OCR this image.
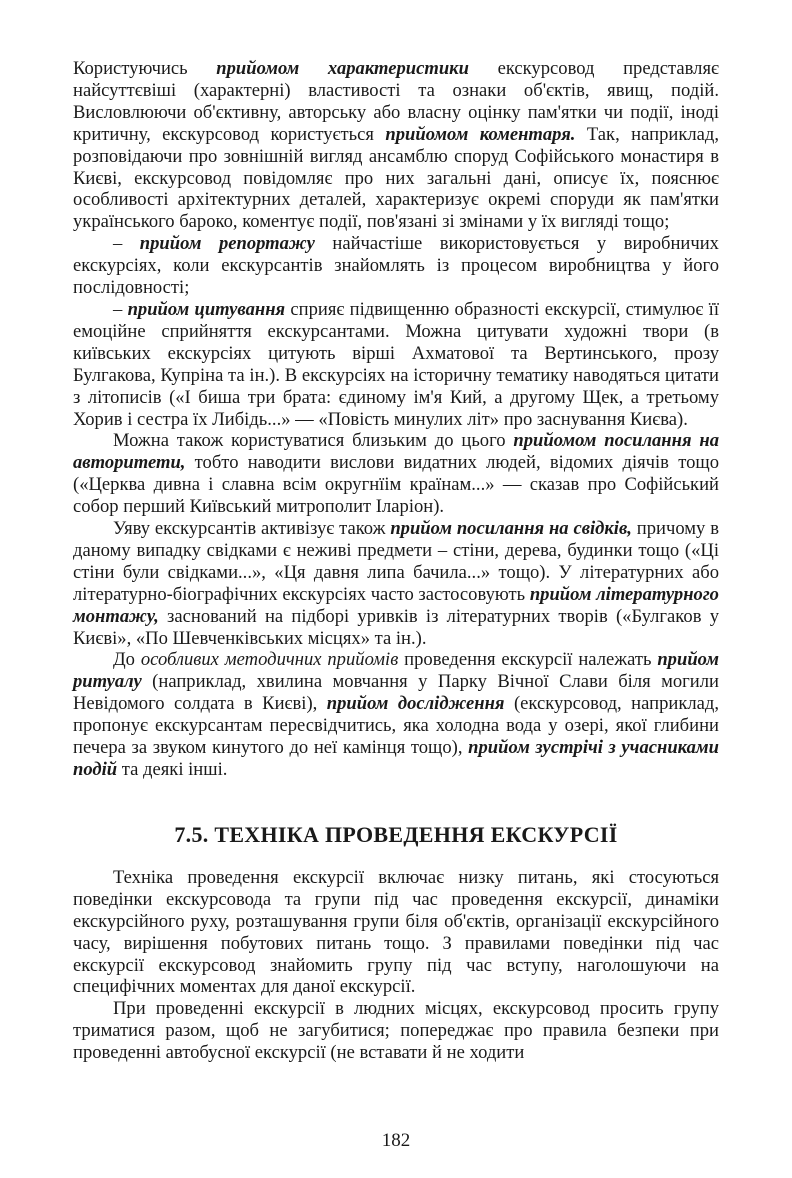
Користуючись прийомом характеристики екскурсовод представляє найсуттєвіші (характерні) властивості та ознаки об'єктів, явищ, подій. Висловлюючи об'єктивну, авторську або власну оцінку пам'ятки чи події, іноді критичну, екскурсовод користується прийомом коментаря. Так, наприклад, розповідаючи про зовнішній вигляд ансамблю споруд Софійського монастиря в Києві, екскурсовод повідомляє про них загальні дані, описує їх, пояснює особливості архітектурних деталей, характеризує окремі споруди як пам'ятки українського бароко, коментує події, пов'язані зі змінами у їх вигляді тощо;

– прийом репортажу найчастіше використовується у виробничих екскурсіях, коли екскурсантів знайомлять із процесом виробництва у його послідовності;

– прийом цитування сприяє підвищенню образності екскурсії, стимулює її емоційне сприйняття екскурсантами. Можна цитувати художні твори (в київських екскурсіях цитують вірші Ахматової та Вертинського, прозу Булгакова, Купріна та ін.). В екскурсіях на історичну тематику наводяться цитати з літописів («І биша три брата: єдиному ім'я Кий, а другому Щек, а третьому Хорив і сестра їх Либідь...» — «Повість минулих літ» про заснування Києва).

Можна також користуватися близьким до цього прийомом посилання на авторитети, тобто наводити вислови видатних людей, відомих діячів тощо («Церква дивна і славна всім округнїім країнам...» — сказав про Софійський собор перший Київський митрополит Іларіон).

Уяву екскурсантів активізує також прийом посилання на свідків, причому в даному випадку свідками є неживі предмети – стіни, дерева, будинки тощо («Ці стіни були свідками...», «Ця давня липа бачила...» тощо). У літературних або літературно-біографічних екскурсіях часто застосовують прийом літературного монтажу, заснований на підборі уривків із літературних творів («Булгаков у Києві», «По Шевченківських місцях» та ін.).

До особливих методичних прийомів проведення екскурсії належать прийом ритуалу (наприклад, хвилина мовчання у Парку Вічної Слави біля могили Невідомого солдата в Києві), прийом дослідження (екскурсовод, наприклад, пропонує екскурсантам пересвідчитись, яка холодна вода у озері, якої глибини печера за звуком кинутого до неї камінця тощо), прийом зустрічі з учасниками подій та деякі інші.

7.5. ТЕХНІКА ПРОВЕДЕННЯ ЕКСКУРСІЇ

Техніка проведення екскурсії включає низку питань, які стосуються поведінки екскурсовода та групи під час проведення екскурсії, динаміки екскурсійного руху, розташування групи біля об'єктів, організації екскурсійного часу, вирішення побутових питань тощо. З правилами поведінки під час екскурсії екскурсовод знайомить групу під час вступу, наголошуючи на специфічних моментах для даної екскурсії.

При проведенні екскурсії в людних місцях, екскурсовод просить групу триматися разом, щоб не загубитися; попереджає про правила безпеки при проведенні автобусної екскурсії (не вставати й не ходити

182
